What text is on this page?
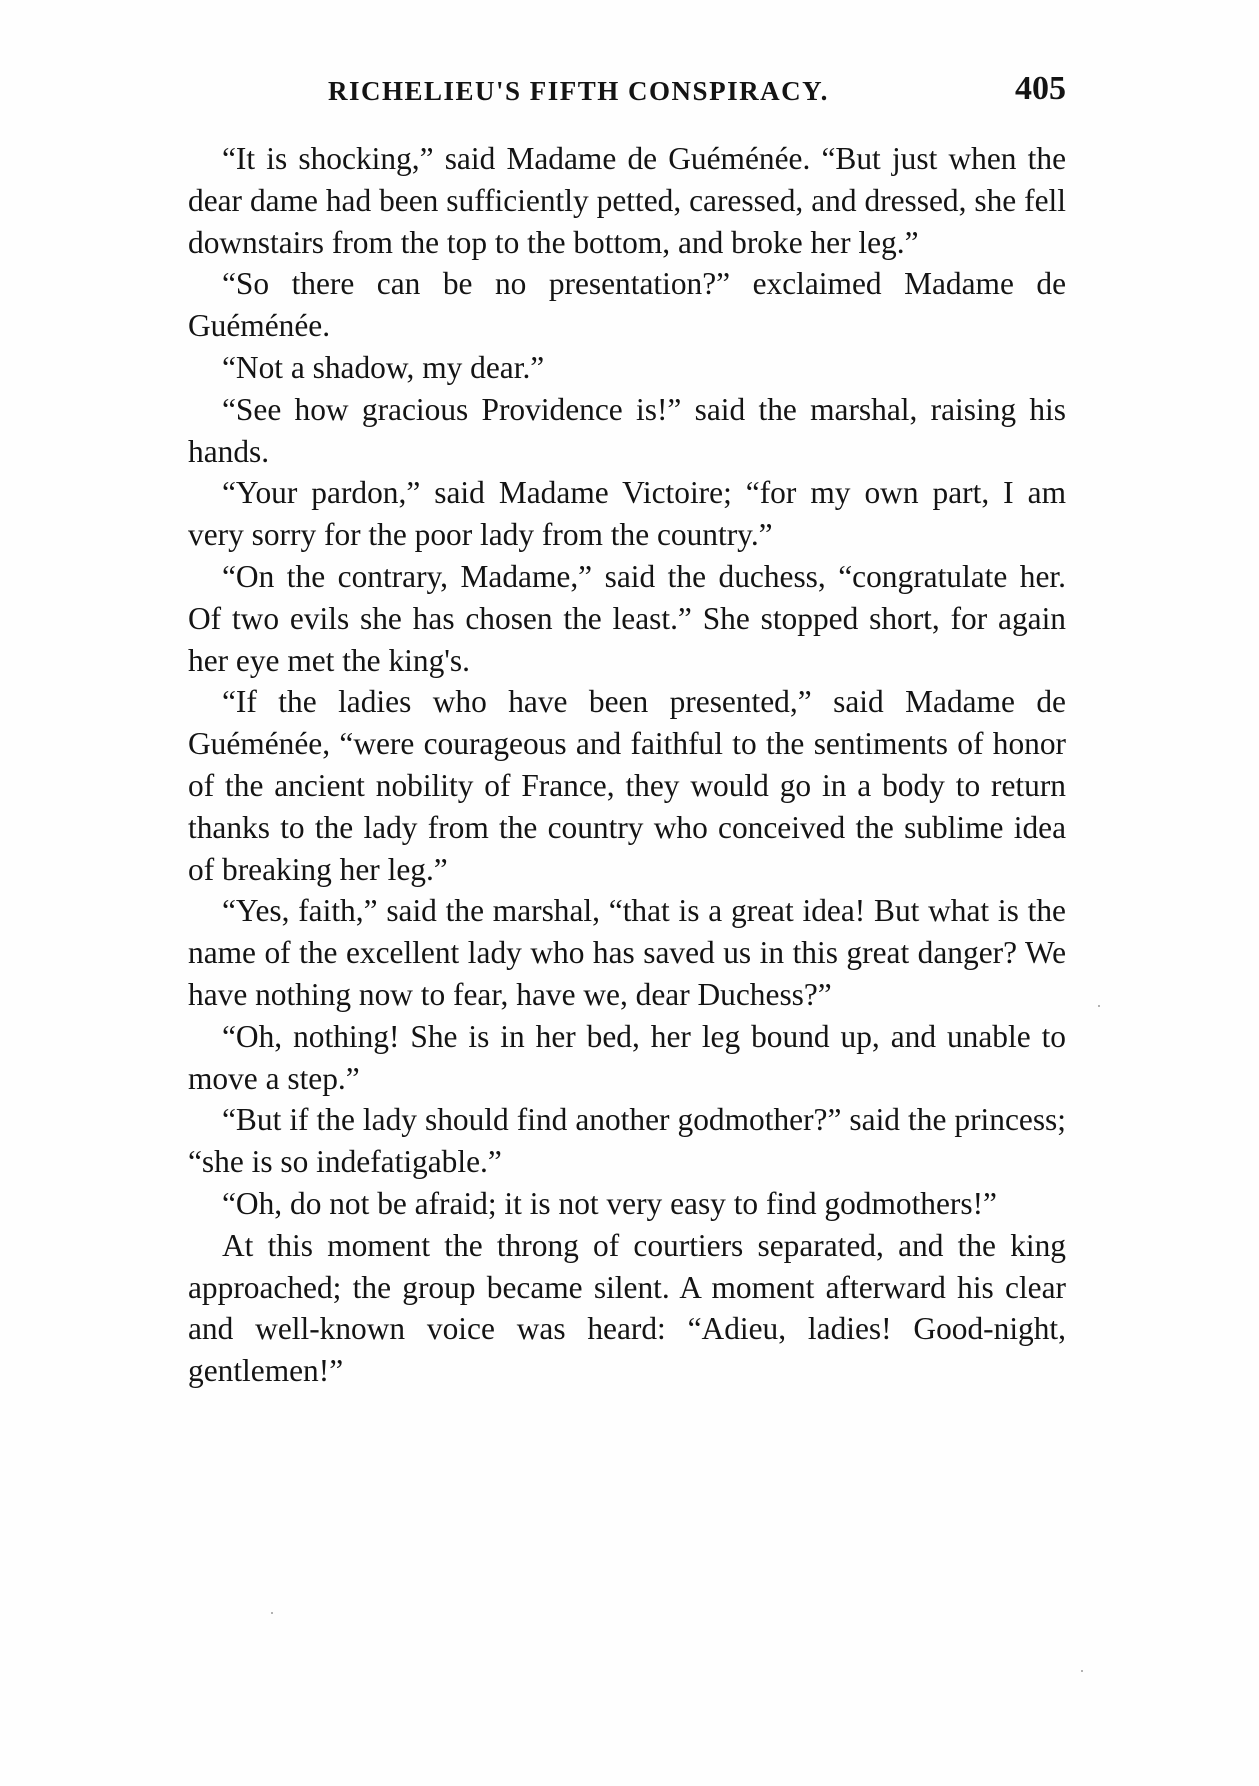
RICHELIEU'S FIFTH CONSPIRACY.	405

“It is shocking,” said Madame de Guéménée. “But just when the dear dame had been sufficiently petted, caressed, and dressed, she fell downstairs from the top to the bottom, and broke her leg.”

“So there can be no presentation?” exclaimed Madame de Guéménée.

“Not a shadow, my dear.”

“See how gracious Providence is!” said the marshal, raising his hands.

“Your pardon,” said Madame Victoire; “for my own part, I am very sorry for the poor lady from the country.”

“On the contrary, Madame,” said the duchess, “congratulate her. Of two evils she has chosen the least.” She stopped short, for again her eye met the king's.

“If the ladies who have been presented,” said Madame de Guéménée, “were courageous and faithful to the sentiments of honor of the ancient nobility of France, they would go in a body to return thanks to the lady from the country who conceived the sublime idea of breaking her leg.”

“Yes, faith,” said the marshal, “that is a great idea! But what is the name of the excellent lady who has saved us in this great danger? We have nothing now to fear, have we, dear Duchess?”

“Oh, nothing! She is in her bed, her leg bound up, and unable to move a step.”

“But if the lady should find another godmother?” said the princess; “she is so indefatigable.”

“Oh, do not be afraid; it is not very easy to find godmothers!”

At this moment the throng of courtiers separated, and the king approached; the group became silent. A moment afterward his clear and well-known voice was heard: “Adieu, ladies! Good-night, gentlemen!”
